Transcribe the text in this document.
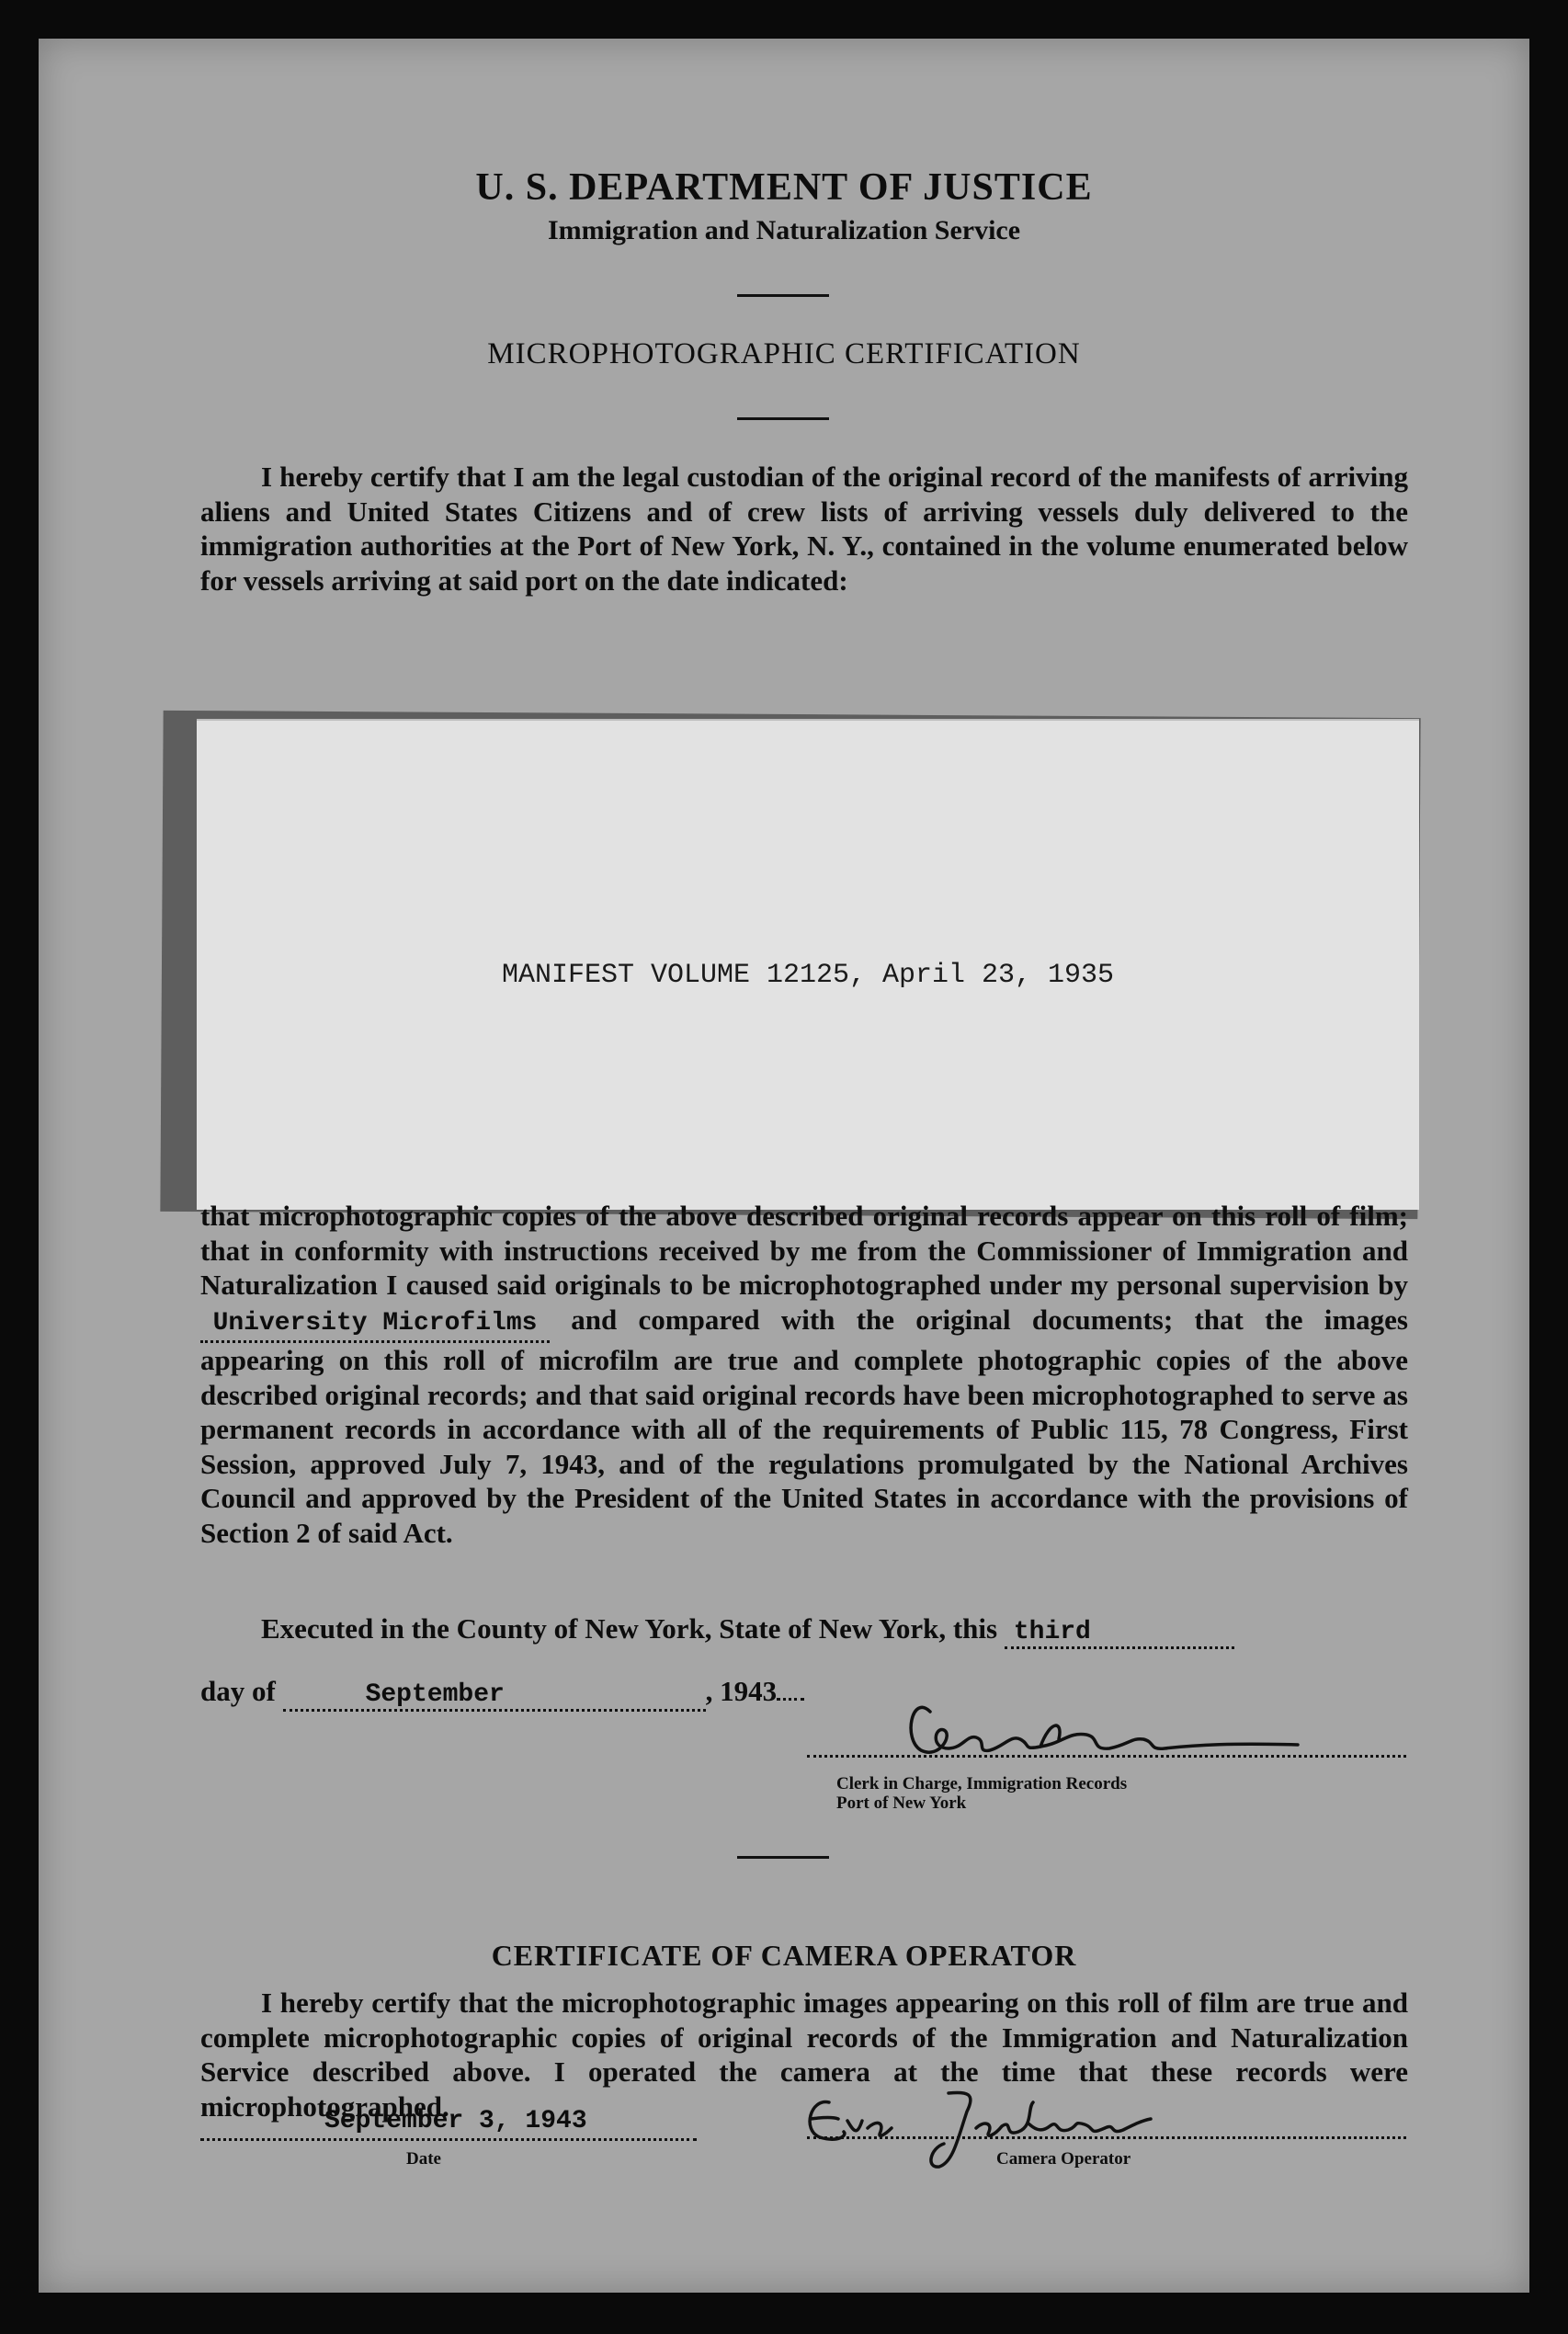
U. S. DEPARTMENT OF JUSTICE
Immigration and Naturalization Service
MICROPHOTOGRAPHIC CERTIFICATION
I hereby certify that I am the legal custodian of the original record of the manifests of arriving aliens and United States Citizens and of crew lists of arriving vessels duly delivered to the immigration authorities at the Port of New York, N. Y., contained in the volume enumerated below for vessels arriving at said port on the date indicated:
MANIFEST VOLUME 12125, April 23, 1935
that microphotographic copies of the above described original records appear on this roll of film; that in conformity with instructions received by me from the Commissioner of Immigration and Naturalization I caused said originals to be microphotographed under my personal supervision by University Microfilms and compared with the original documents; that the images appearing on this roll of microfilm are true and complete photographic copies of the above described original records; and that said original records have been microphotographed to serve as permanent records in accordance with all of the requirements of Public 115, 78 Congress, First Session, approved July 7, 1943, and of the regulations promulgated by the National Archives Council and approved by the President of the United States in accordance with the provisions of Section 2 of said Act.
Executed in the County of New York, State of New York, this third
day of	September	, 1943
Clerk in Charge, Immigration Records
Port of New York
CERTIFICATE OF CAMERA OPERATOR
I hereby certify that the microphotographic images appearing on this roll of film are true and complete microphotographic copies of original records of the Immigration and Naturalization Service described above. I operated the camera at the time that these records were microphotographed.
September 3, 1943
Date	Camera Operator
